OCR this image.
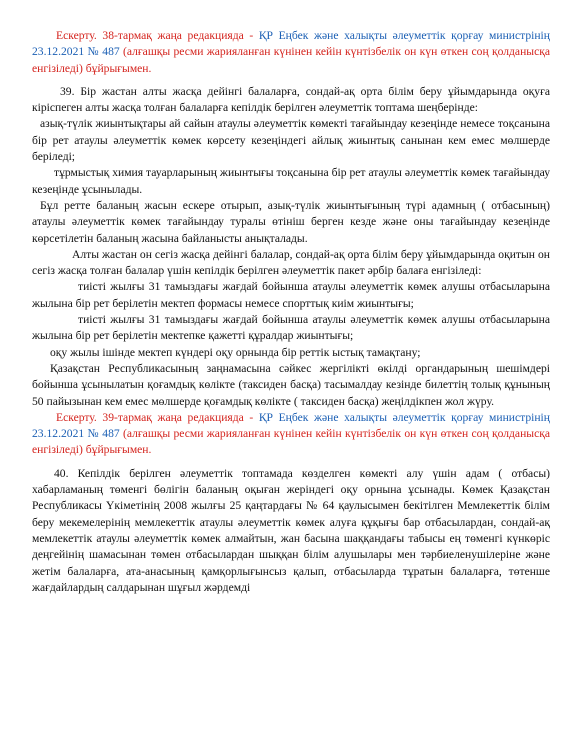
Ескерту. 38-тармақ жаңа редакцияда - ҚР Еңбек және халықты әлеуметтік қорғау министрінің 23.12.2021 № 487 (алғашқы ресми жарияланған күнінен кейін күнтізбелік он күн өткен соң қолданысқа енгізіледі) бұйрығымен.

39. Бір жастан алты жасқа дейінгі балаларға, сондай-ақ орта білім беру ұйымдарында оқуға кіріспеген алты жасқа толған балаларға кепілдік берілген әлеуметтік топтама шеңберінде:

азық-түлік жиынтықтары ай сайын атаулы әлеуметтік көмекті тағайындау кезеңінде немесе тоқсанына бір рет атаулы әлеуметтік көмек көрсету кезеңіндегі айлық жиынтық санынан кем емес мөлшерде беріледі;

тұрмыстық химия тауарларының жиынтығы тоқсанына бір рет атаулы әлеуметтік көмек тағайындау кезеңінде ұсынылады.

Бұл ретте баланың жасын ескере отырып, азық-түлік жиынтығының түрі адамның ( отбасының) атаулы әлеуметтік көмек тағайындау туралы өтініш берген кезде және оны тағайындау кезеңінде көрсетілетін баланың жасына байланысты анықталады.

Алты жастан он сегіз жасқа дейінгі балалар, сондай-ақ орта білім беру ұйымдарында оқитын он сегіз жасқа толған балалар үшін кепілдік берілген әлеуметтік пакет әрбір балаға енгізіледі:

тиісті жылғы 31 тамыздағы жағдай бойынша атаулы әлеуметтік көмек алушы отбасыларына жылына бір рет берілетін мектеп формасы немесе спорттық киім жиынтығы;

тиісті жылғы 31 тамыздағы жағдай бойынша атаулы әлеуметтік көмек алушы отбасыларына жылына бір рет берілетін мектепке қажетті құралдар жиынтығы;

оқу жылы ішінде мектеп күндері оқу орнында бір реттік ыстық тамақтану;

Қазақстан Республикасының заңнамасына сәйкес жергілікті өкілді органдарының шешімдері бойынша ұсынылатын қоғамдық көлікте (таксиден басқа) тасымалдау кезінде билеттің толық құнының 50 пайызынан кем емес мөлшерде қоғамдық көлікте ( таксиден басқа) жеңілдікпен жол жүру.

Ескерту. 39-тармақ жаңа редакцияда - ҚР Еңбек және халықты әлеуметтік қорғау министрінің 23.12.2021 № 487 (алғашқы ресми жарияланған күнінен кейін күнтізбелік он күн өткен соң қолданысқа енгізіледі) бұйрығымен.

40. Кепілдік берілген әлеуметтік топтамада көзделген көмекті алу үшін адам ( отбасы) хабарламаның төменгі бөлігін баланың оқыған жеріндегі оқу орнына ұсынады. Көмек Қазақстан Республикасы Үкіметінің 2008 жылғы 25 қаңтардағы № 64 қаулысымен бекітілген Мемлекеттік білім беру мекемелерінің мемлекеттік атаулы әлеуметтік көмек алуға құқығы бар отбасылардан, сондай-ақ мемлекеттік атаулы әлеуметтік көмек алмайтын, жан басына шаққандағы табысы ең төменгі күнкөріс деңгейінің шамасынан төмен отбасылардан шыққан білім алушылары мен тәрбиеленушілеріне және жетім балаларға, ата-анасының қамқорлығынсыз қалып, отбасыларда тұратын балаларға, төтенше жағдайлардың салдарынан шұғыл жәрдемді
